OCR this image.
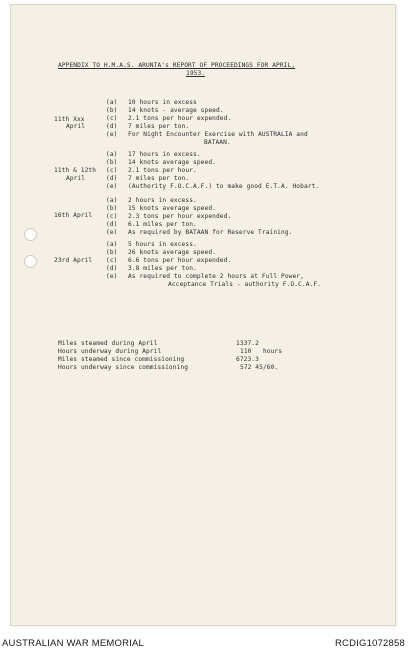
APPENDIX TO H.M.A.S. ARUNTA's REPORT OF PROCEEDINGS FOR APRIL,
1953.
11th Xxx
April
(a) 10 hours in excess
(b) 14 knots - average speed.
(c) 2.1 tons per hour expended.
(d) 7 miles per ton.
(e) For Night Encounter Exercise with AUSTRALIA and
BATAAN.
11th & 12th
April
(a) 17 hours in excess.
(b) 14 knots average speed.
(c) 2.1 tons per hour.
(d) 7 miles per ton.
(e) (Authority F.O.C.A.F.) to make good E.T.A. Hobart.
16th April
(a) 2 hours in excess.
(b) 15 knots average speed.
(c) 2.3 tons per hour expended.
(d) 6.1 miles per ton.
(e) As required by BATAAN for Reserve Training.
23rd April
(a) 5 hours in excess.
(b) 26 knots average speed.
(c) 6.6 tons per hour expended.
(d) 3.8 miles per ton.
(e) As required to complete 2 hours at Full Power,
Acceptance Trials - authority F.O.C.A.F.
Miles steamed during April	1337.2
Hours underway during April	110   hours
Miles steamed since commissioning	6723.3
Hours underway since commissioning	572 45/60.
AUSTRALIAN WAR MEMORIAL	RCDIG1072858
